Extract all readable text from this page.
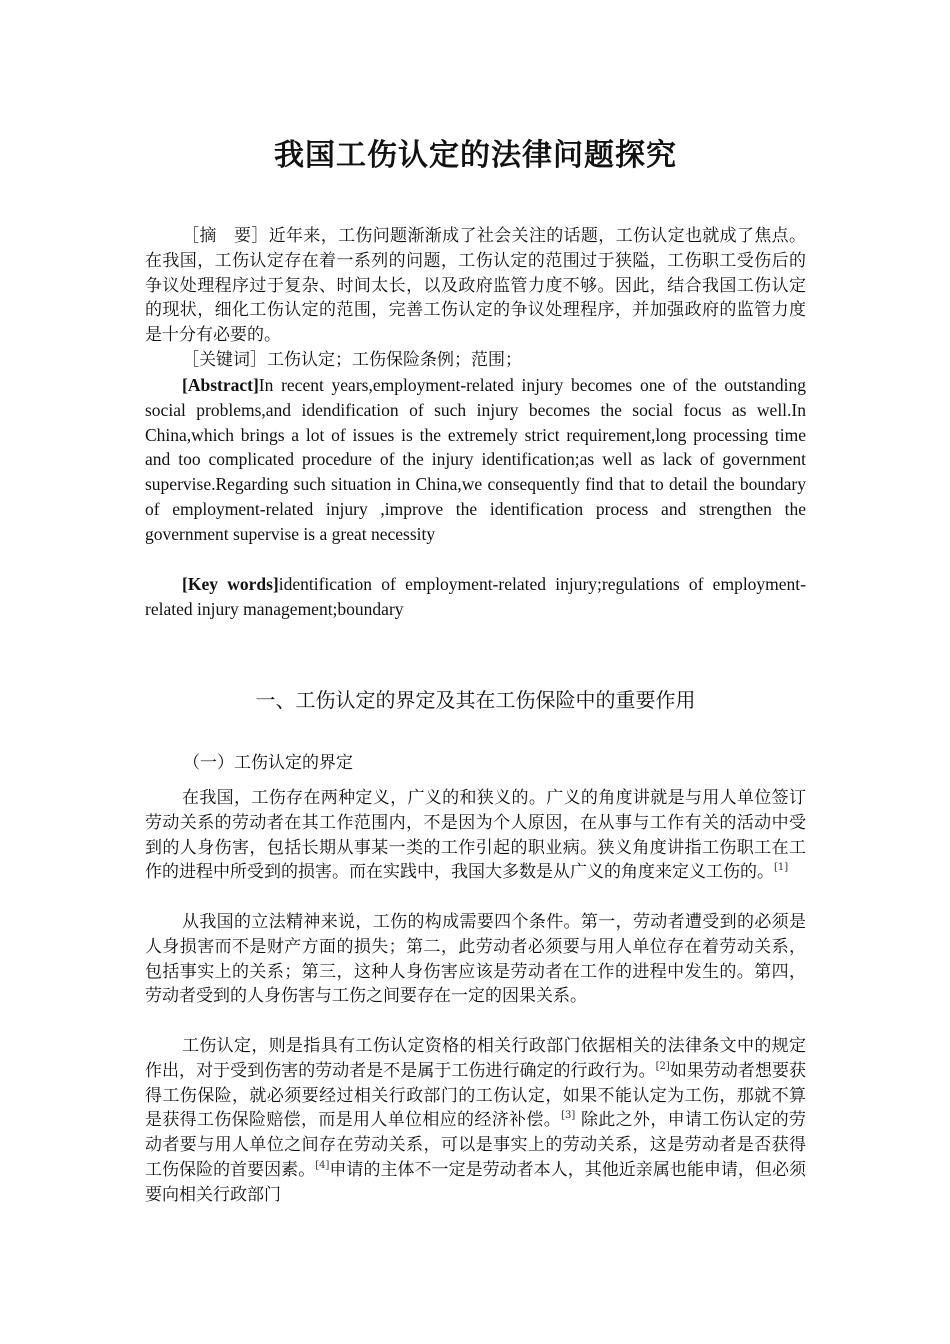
我国工伤认定的法律问题探究
［摘　要］近年来，工伤问题渐渐成了社会关注的话题，工伤认定也就成了焦点。在我国，工伤认定存在着一系列的问题，工伤认定的范围过于狭隘，工伤职工受伤后的争议处理程序过于复杂、时间太长，以及政府监管力度不够。因此，结合我国工伤认定的现状，细化工伤认定的范围，完善工伤认定的争议处理程序，并加强政府的监管力度是十分有必要的。
［关键词］工伤认定；工伤保险条例；范围；
[Abstract]In recent years,employment-related injury becomes one of the outstanding social problems,and idendification of such injury becomes the social focus as well.In China,which brings a lot of issues is the extremely strict requirement,long processing time and too complicated procedure of the injury identification;as well as lack of government supervise.Regarding such situation in China,we consequently find that to detail the boundary of employment-related injury ,improve the identification process and strengthen the government supervise is a great necessity
[Key words]identification of employment-related injury;regulations of employment-related injury management;boundary
一、工伤认定的界定及其在工伤保险中的重要作用
（一）工伤认定的界定
在我国，工伤存在两种定义，广义的和狭义的。广义的角度讲就是与用人单位签订劳动关系的劳动者在其工作范围内，不是因为个人原因，在从事与工作有关的活动中受到的人身伤害，包括长期从事某一类的工作引起的职业病。狭义角度讲指工伤职工在工作的进程中所受到的损害。而在实践中，我国大多数是从广义的角度来定义工伤的。[1]
从我国的立法精神来说，工伤的构成需要四个条件。第一，劳动者遭受到的必须是人身损害而不是财产方面的损失；第二，此劳动者必须要与用人单位存在着劳动关系，包括事实上的关系；第三，这种人身伤害应该是劳动者在工作的进程中发生的。第四，劳动者受到的人身伤害与工伤之间要存在一定的因果关系。
工伤认定，则是指具有工伤认定资格的相关行政部门依据相关的法律条文中的规定作出，对于受到伤害的劳动者是不是属于工伤进行确定的行政行为。[2]如果劳动者想要获得工伤保险，就必须要经过相关行政部门的工伤认定，如果不能认定为工伤，那就不算是获得工伤保险赔偿，而是用人单位相应的经济补偿。[3] 除此之外，申请工伤认定的劳动者要与用人单位之间存在劳动关系，可以是事实上的劳动关系，这是劳动者是否获得工伤保险的首要因素。[4]申请的主体不一定是劳动者本人，其他近亲属也能申请，但必须要向相关行政部门
